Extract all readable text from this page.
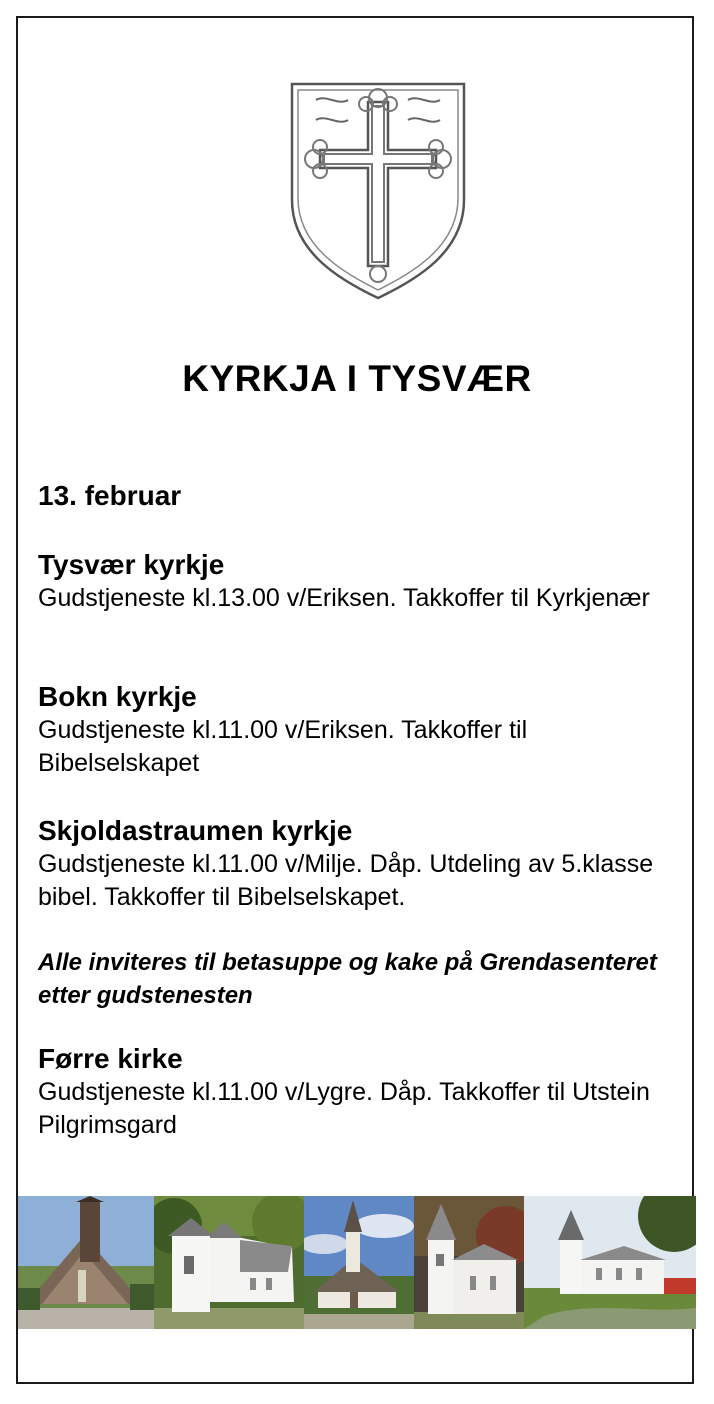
KYRKJA I TYSVÆR
13. februar
Tysvær kyrkje
Gudstjeneste kl.13.00 v/Eriksen. Takkoffer til Kyrkjenær
Bokn kyrkje
Gudstjeneste kl.11.00 v/Eriksen. Takkoffer til Bibelselskapet
Skjoldastraumen kyrkje
Gudstjeneste kl.11.00 v/Milje. Dåp. Utdeling av 5.klasse bibel. Takkoffer til Bibelselskapet.
Alle inviteres til betasuppe og kake på Grendasenteret etter gudstenesten
Førre kirke
Gudstjeneste kl.11.00 v/Lygre. Dåp. Takkoffer til Utstein Pilgrimsgard
